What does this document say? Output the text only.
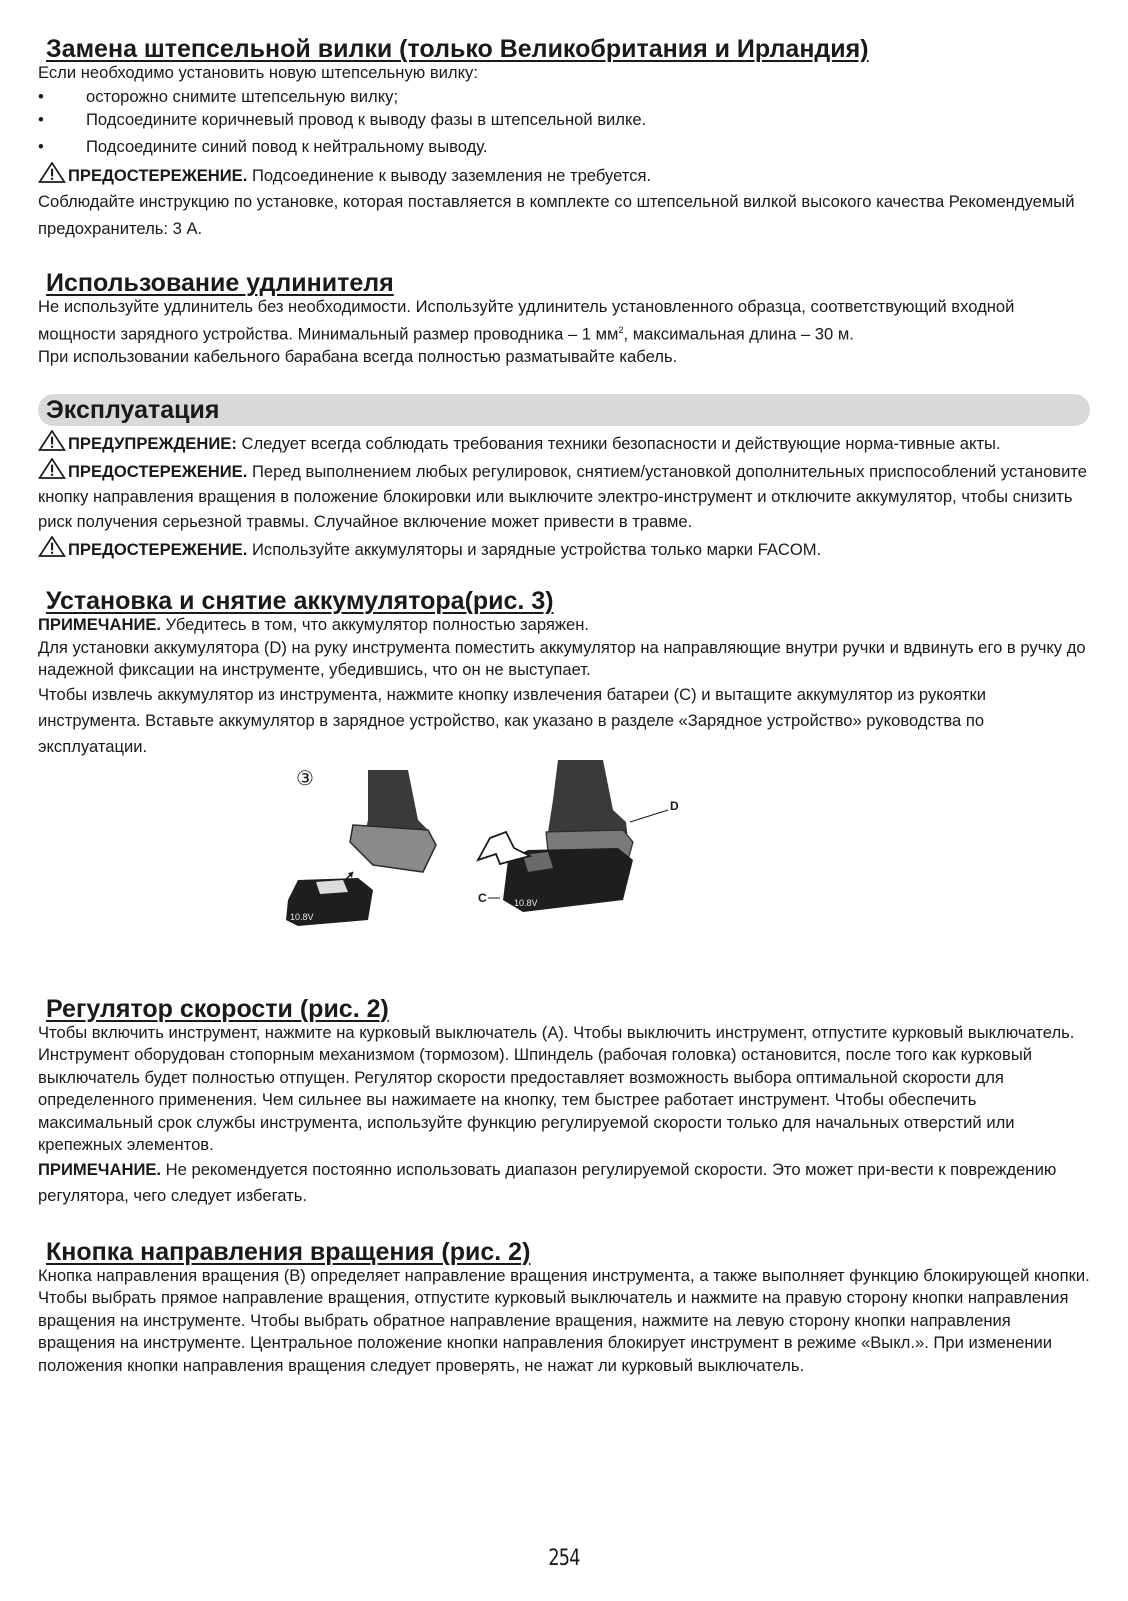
Замена штепсельной вилки (только Великобритания и Ирландия)

Если необходимо установить новую штепсельную вилку:

•	осторожно снимите штепсельную вилку;
•	Подсоедините коричневый провод к выводу фазы в штепсельной вилке.
•	Подсоедините синий повод к нейтральному выводу.

ПРЕДОСТЕРЕЖЕНИЕ. Подсоединение к выводу заземления не требуется.

Соблюдайте инструкцию по установке, которая поставляется в комплекте со штепсельной вилкой высокого качества Рекомендуемый предохранитель: 3 А.

Использование удлинителя

Не используйте удлинитель без необходимости. Используйте удлинитель установленного образца, соответствующий входной мощности зарядного устройства. Минимальный размер проводника – 1 $мм^2$, максимальная длина – 30 м.

При использовании кабельного барабана всегда полностью разматывайте кабель.

Эксплуатация

ПРЕДУПРЕЖДЕНИЕ: Следует всегда соблюдать требования техники безопасности и действующие норма-тивные акты.

ПРЕДОСТЕРЕЖЕНИЕ. Перед выполнением любых регулировок, снятием/установкой дополнительных приспособлений установите кнопку направления вращения в положение блокировки или выключите электро-инструмент и отключите аккумулятор, чтобы снизить риск получения серьезной травмы. Случайное включение может привести в травме.

ПРЕДОСТЕРЕЖЕНИЕ. Используйте аккумуляторы и зарядные устройства только марки FACOM.

Установка и снятие аккумулятора(рис. 3)

ПРИМЕЧАНИЕ. Убедитесь в том, что аккумулятор полностью заряжен.

Для установки аккумулятора (D) на руку инструмента поместить аккумулятор на направляющие внутри ручки и вдвинуть его в ручку до надежной фиксации на инструменте, убедившись, что он не выступает.

Чтобы извлечь аккумулятор из инструмента, нажмите кнопку извлечения батареи (C) и вытащите аккумулятор из рукоятки инструмента. Вставьте аккумулятор в зарядное устройство, как указано в разделе «Зарядное устройство» руководства по эксплуатации.

③
10.8V
10.8V
D
C
Регулятор скорости (рис. 2)

Чтобы включить инструмент, нажмите на курковый выключатель (A). Чтобы выключить инструмент, отпустите курковый выключатель. Инструмент оборудован стопорным механизмом (тормозом). Шпиндель (рабочая головка) остановится, после того как курковый выключатель будет полностью отпущен. Регулятор скорости предоставляет возможность выбора оптимальной скорости для определенного применения. Чем сильнее вы нажимаете на кнопку, тем быстрее работает инструмент. Чтобы обеспечить максимальный срок службы инструмента, используйте функцию регулируемой скорости только для начальных отверстий или крепежных элементов.

ПРИМЕЧАНИЕ. Не рекомендуется постоянно использовать диапазон регулируемой скорости. Это может при-вести к повреждению регулятора, чего следует избегать.

Кнопка направления вращения (рис. 2)

Кнопка направления вращения (B) определяет направление вращения инструмента, а также выполняет функцию блокирующей кнопки. Чтобы выбрать прямое направление вращения, отпустите курковый выключатель и нажмите на правую сторону кнопки направления вращения на инструменте. Чтобы выбрать обратное направление вращения, нажмите на левую сторону кнопки направления вращения на инструменте. Центральное положение кнопки направления блокирует инструмент в режиме «Выкл.». При изменении положения кнопки направления вращения следует проверять, не нажат ли курковый выключатель.

254
